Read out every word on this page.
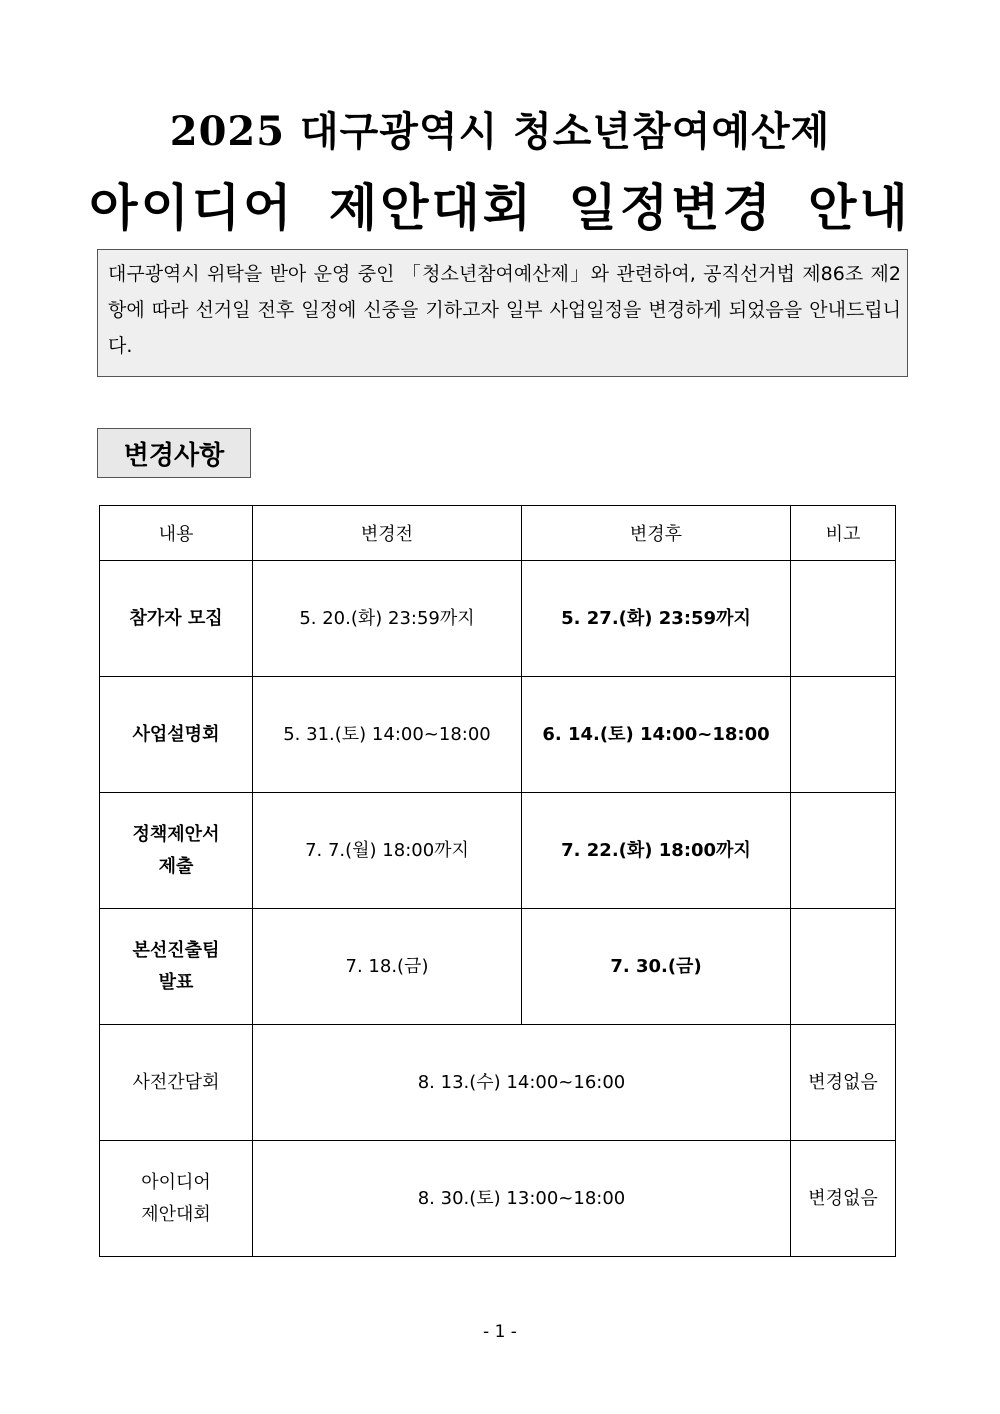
2025 대구광역시 청소년참여예산제
아이디어 제안대회 일정변경 안내
대구광역시 위탁을 받아 운영 중인 「청소년참여예산제」와 관련하여, 공직선거법 제86조 제2항에 따라 선거일 전후 일정에 신중을 기하고자 일부 사업일정을 변경하게 되었음을 안내드립니다.
변경사항
내용	변경전	변경후	비고
참가자 모집	5. 20.(화) 23:59까지	5. 27.(화) 23:59까지	
사업설명회	5. 31.(토) 14:00~18:00	6. 14.(토) 14:00~18:00	
정책제안서
제출	7. 7.(월) 18:00까지	7. 22.(화) 18:00까지	
본선진출팀
발표	7. 18.(금)	7. 30.(금)	
사전간담회	8. 13.(수) 14:00~16:00		변경없음
아이디어
제안대회	8. 30.(토) 13:00~18:00		변경없음
- 1 -
